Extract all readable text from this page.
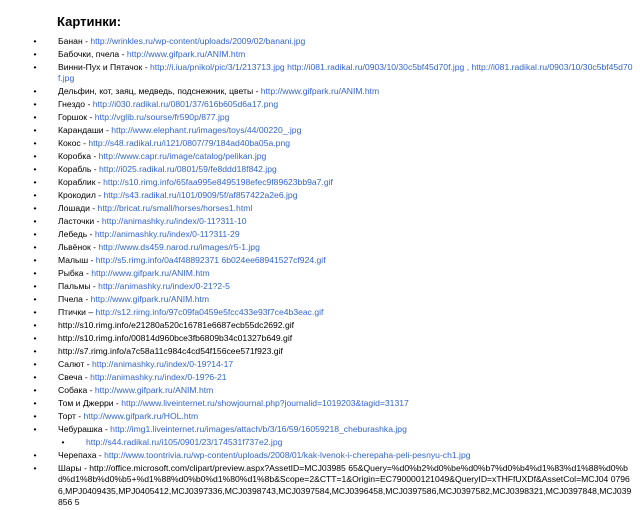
Картинки:
•	Банан - http://wrinkles.ru/wp-content/uploads/2009/02/banani.jpg
•	Бабочки, пчела - http://www.gifpark.ru/ANIM.htm
•	Винни-Пух и Пятачок - http://i.iua/pnikol/pic/3/1/213713.jpg http://i081.radikal.ru/0903/10/30c5bf45d70f.jpg , http://i081.radikal.ru/0903/10/30c5bf45d70f.jpg
•	Дельфин, кот, заяц, медведь, подснежник, цветы - http://www.gifpark.ru/ANIM.htm
•	Гнездо - http://i030.radikal.ru/0801/37/616b605d6a17.png
•	Горшок - http://vglib.ru/sourse/fr590p/877.jpg
•	Карандаши - http://www.elephant.ru/images/toys/44/00220_.jpg
•	Кокос - http://s48.radikal.ru/i121/0807/79/184ad40ba05a.png
•	Коробка - http://www.capr.ru/image/catalog/pelikan.jpg
•	Корабль - http://i025.radikal.ru/0801/59/fe8ddd18f842.jpg
•	Кораблик - http://s10.rimg.info/65faa995e8495198efec9f89623bb9a7.gif
•	Крокодил - http://s43.radikal.ru/i101/0909/5f/af857422a2e6.jpg
•	Лошади - http://bricat.ru/small/horses/horses1.html
•	Ласточки - http://animashky.ru/index/0-11?311-10
•	Лебедь - http://animashky.ru/index/0-11?311-29
•	Львёнок - http://www.ds459.narod.ru/images/r5-1.jpg
•	Малыш - http://s5.rimg.info/0a4f48892371 6b024ee68941527cf924.gif
•	Рыбка - http://www.gifpark.ru/ANIM.htm
•	Пальмы - http://animashky.ru/index/0-21?2-5
•	Пчела - http://www.gifpark.ru/ANIM.htm
•	Птички – http://s12.rimg.info/97c09fa0459e5fcc433e93f7ce4b3eac.gif
•	http://s10.rimg.info/e21280a520c16781e6687ecb55dc2692.gif
•	http://s10.rimg.info/00814d960bce3fb6809b34c01327b649.gif
•	http://s7.rimg.info/a7c58a11c984c4cd54f156cee571f923.gif
•	Салют - http://animashky.ru/index/0-19?14-17
•	Свеча - http://animashky.ru/index/0-19?6-21
•	Собака - http://www.gifpark.ru/ANIM.htm
•	Том и Джерри - http://www.liveinternet.ru/showjournal.php?journalid=1019203&tagid=31317
•	Торт - http://www.gifpark.ru/HOL.htm
•	Чебурашка - http://img1.liveinternet.ru/images/attach/b/3/16/59/16059218_cheburashka.jpg
•	http://s44.radikal.ru/i105/0901/23/174531f737e2.jpg
•	Черепаха - http://www.toontrivia.ru/wp-content/uploads/2008/01/kak-lvenok-i-cherepaha-peli-pesnyu-ch1.jpg
•	Шары - http://office.microsoft.com/clipart/preview.aspx?AssetID=MCJ03985 65&Query=%d0%b2%d0%be%d0%b7%d0%b4%d1%83%d1%88%d0%bd%d1%8b%d0%b5+%d1%88%d0%b0%d1%80%d1%8b&Scope=2&CTT=1&Origin=EC790000121049&QueryID=xTHFfUXDf&AssetCol=MCJ04 07966,MPJ0409435,MPJ0405412,MCJ0397336,MCJ0398743,MCJ0397584,MCJ0396458,MCJ0397586,MCJ0397582,MCJ0398321,MCJ0397848,MCJ039856 5
